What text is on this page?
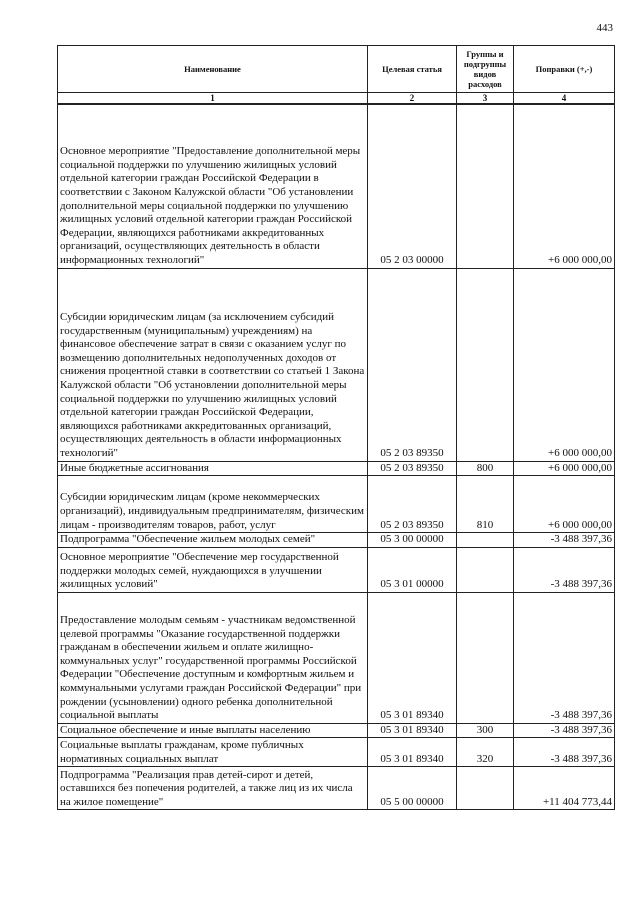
443
Наименование	Целевая статья	Группы и подгруппы видов расходов	Поправки (+,-)
1	2	3	4
Основное мероприятие "Предоставление дополнительной меры социальной поддержки по улучшению жилищных условий отдельной категории граждан Российской Федерации в соответствии с Законом Калужской области "Об установлении дополнительной меры социальной поддержки по улучшению жилищных условий отдельной категории граждан Российской Федерации, являющихся работниками аккредитованных организаций, осуществляющих деятельность в области информационных технологий"	05 2 03 00000		+6 000 000,00
Субсидии юридическим лицам (за исключением субсидий государственным (муниципальным) учреждениям) на финансовое обеспечение затрат в связи с оказанием услуг по возмещению дополнительных недополученных доходов от снижения процентной ставки в соответствии со статьей 1 Закона Калужской области "Об установлении дополнительной меры социальной поддержки по улучшению жилищных условий отдельной категории граждан Российской Федерации, являющихся работниками аккредитованных организаций, осуществляющих деятельность в области информационных технологий"	05 2 03 89350		+6 000 000,00
Иные бюджетные ассигнования	05 2 03 89350	800	+6 000 000,00
Субсидии юридическим лицам (кроме некоммерческих организаций), индивидуальным предпринимателям, физическим лицам - производителям товаров, работ, услуг	05 2 03 89350	810	+6 000 000,00
Подпрограмма "Обеспечение жильем молодых семей"	05 3 00 00000		-3 488 397,36
Основное мероприятие "Обеспечение мер государственной поддержки молодых семей, нуждающихся в улучшении жилищных условий"	05 3 01 00000		-3 488 397,36
Предоставление молодым семьям - участникам ведомственной целевой программы "Оказание государственной поддержки гражданам в обеспечении жильем и оплате жилищно-коммунальных услуг" государственной программы Российской Федерации "Обеспечение доступным и комфортным жильем и коммунальными услугами граждан Российской Федерации" при рождении (усыновлении) одного ребенка дополнительной социальной выплаты	05 3 01 89340		-3 488 397,36
Социальное обеспечение и иные выплаты населению	05 3 01 89340	300	-3 488 397,36
Социальные выплаты гражданам, кроме публичных нормативных социальных выплат	05 3 01 89340	320	-3 488 397,36
Подпрограмма "Реализация прав детей-сирот и детей, оставшихся без попечения родителей, а также лиц из их числа на жилое помещение"	05 5 00 00000		+11 404 773,44
